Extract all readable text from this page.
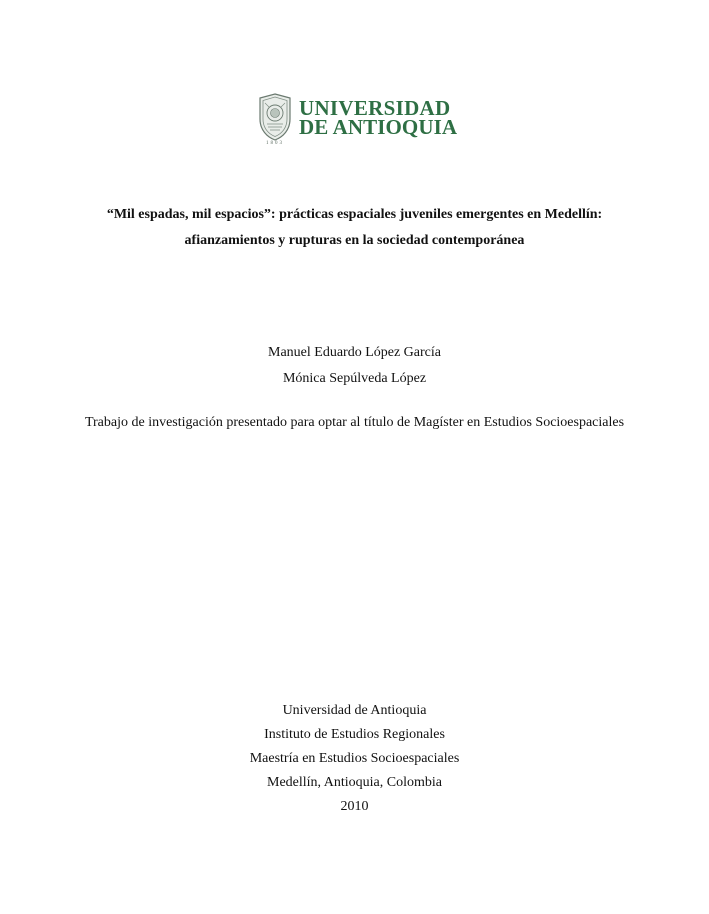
1803
UNIVERSIDAD
DE ANTIOQUIA
“Mil espadas, mil espacios”: prácticas espaciales juveniles emergentes en Medellín:
afianzamientos y rupturas en la sociedad contemporánea
Manuel Eduardo López García
Mónica Sepúlveda López
Trabajo de investigación presentado para optar al título de Magíster en Estudios Socioespaciales
Universidad de Antioquia
Instituto de Estudios Regionales
Maestría en Estudios Socioespaciales
Medellín, Antioquia, Colombia
2010
